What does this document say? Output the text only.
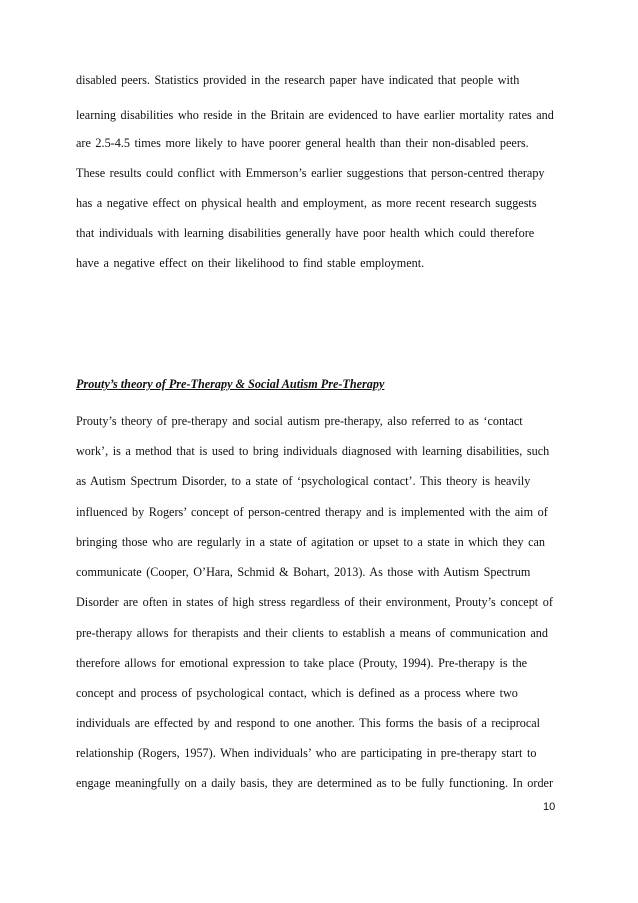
disabled peers. Statistics provided in the research paper have indicated that people with
learning disabilities who reside in the Britain are evidenced to have earlier mortality rates and
are 2.5-4.5 times more likely to have poorer general health than their non-disabled peers.
These results could conflict with Emmerson’s earlier suggestions that person-centred therapy
has a negative effect on physical health and employment, as more recent research suggests
that individuals with learning disabilities generally have poor health which could therefore
have a negative effect on their likelihood to find stable employment.
Prouty’s theory of Pre-Therapy & Social Autism Pre-Therapy
Prouty’s theory of pre-therapy and social autism pre-therapy, also referred to as ‘contact
work’, is a method that is used to bring individuals diagnosed with learning disabilities, such
as Autism Spectrum Disorder, to a state of ‘psychological contact’. This theory is heavily
influenced by Rogers’ concept of person-centred therapy and is implemented with the aim of
bringing those who are regularly in a state of agitation or upset to a state in which they can
communicate (Cooper, O’Hara, Schmid & Bohart, 2013). As those with Autism Spectrum
Disorder are often in states of high stress regardless of their environment, Prouty’s concept of
pre-therapy allows for therapists and their clients to establish a means of communication and
therefore allows for emotional expression to take place (Prouty, 1994). Pre-therapy is the
concept and process of psychological contact, which is defined as a process where two
individuals are effected by and respond to one another. This forms the basis of a reciprocal
relationship (Rogers, 1957). When individuals’ who are participating in pre-therapy start to
engage meaningfully on a daily basis, they are determined as to be fully functioning. In order
10
